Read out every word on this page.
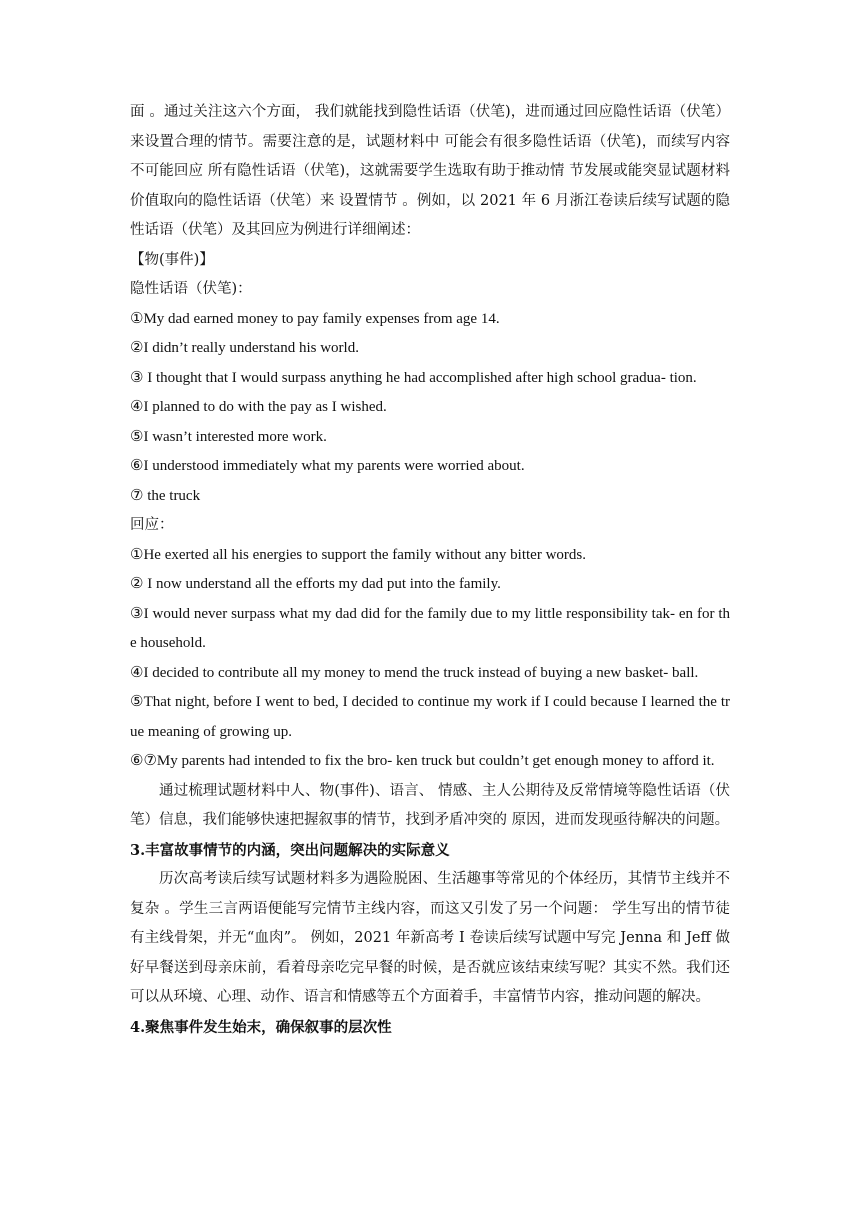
面 。通过关注这六个方面， 我们就能找到隐性话语（伏笔)，进而通过回应隐性话语（伏笔）来设置合理的情节。需要注意的是，试题材料中 可能会有很多隐性话语（伏笔)，而续写内容不可能回应 所有隐性话语（伏笔)，这就需要学生选取有助于推动情 节发展或能突显试题材料价值取向的隐性话语（伏笔）来 设置情节 。例如，以 2021 年 6 月浙江卷读后续写试题的隐性话语（伏笔）及其回应为例进行详细阐述：

【物(事件)】

隐性话语（伏笔)：

①My dad earned money to pay family expenses from age 14.

②I didn’t really understand his world.

③ I thought that I would surpass anything he had accomplished after high school gradua- tion.

④I planned to do with the pay as I wished.

⑤I wasn’t interested more work.

⑥I understood immediately what my parents were worried about.

⑦ the truck

回应：

①He exerted all his energies to support the family without any bitter words.

② I now understand all the efforts my dad put into the family.

③I would never surpass what my dad did for the family due to my little responsibility tak- en for the household.

④I decided to contribute all my money to mend the truck instead of buying a new basket- ball.

⑤That night, before I went to bed, I decided to continue my work if I could because I learned the true meaning of growing up.

⑥⑦My parents had intended to fix the bro- ken truck but couldn’t get enough money to afford it.

通过梳理试题材料中人、物(事件)、语言、 情感、主人公期待及反常情境等隐性话语（伏笔）信息，我们能够快速把握叙事的情节，找到矛盾冲突的 原因，进而发现亟待解决的问题。

3.丰富故事情节的内涵，突出问题解决的实际意义

历次高考读后续写试题材料多为遇险脱困、生活趣事等常见的个体经历，其情节主线并不复杂 。学生三言两语便能写完情节主线内容，而这又引发了另一个问题： 学生写出的情节徒有主线骨架，并无“血肉”。 例如，2021 年新高考 I 卷读后续写试题中写完 Jenna 和 Jeff 做好早餐送到母亲床前，看着母亲吃完早餐的时候，是否就应该结束续写呢？其实不然。我们还可以从环境、心理、动作、语言和情感等五个方面着手，丰富情节内容，推动问题的解决。

4.聚焦事件发生始末，确保叙事的层次性
